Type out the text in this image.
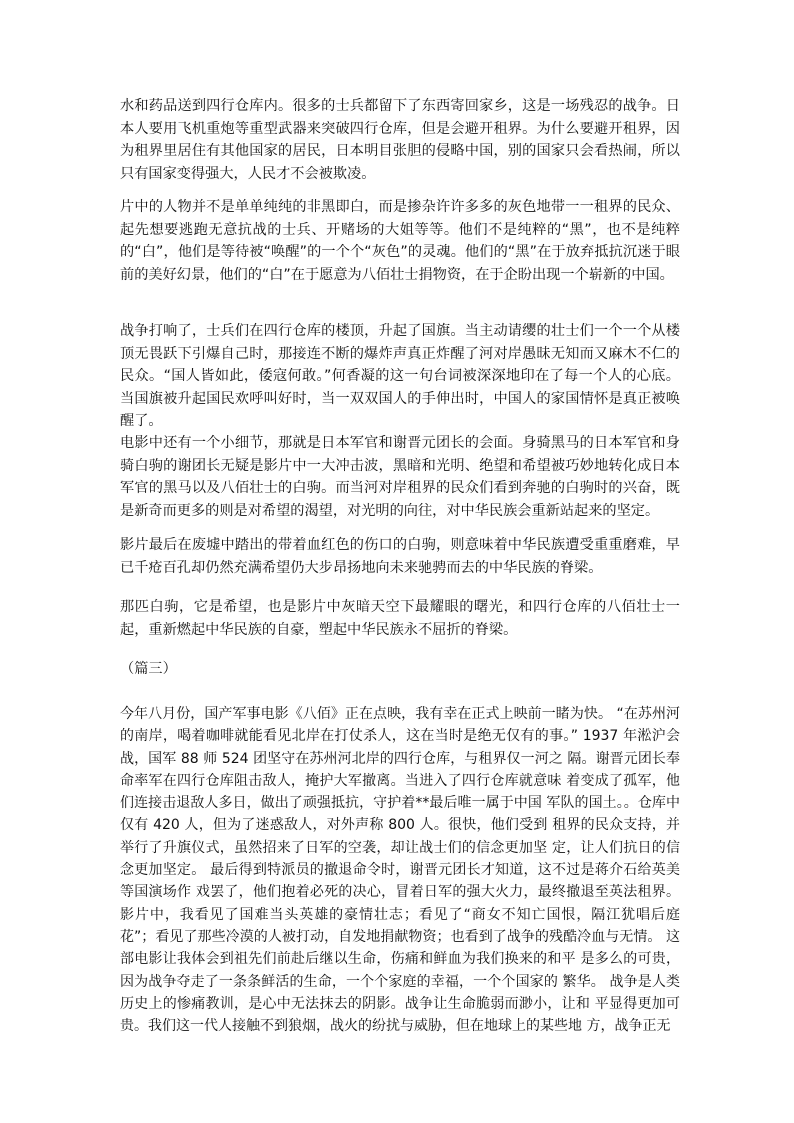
水和药品送到四行仓库内。很多的士兵都留下了东西寄回家乡，这是一场残忍的战争。日本人要用飞机重炮等重型武器来突破四行仓库，但是会避开租界。为什么要避开租界，因为租界里居住有其他国家的居民，日本明目张胆的侵略中国，别的国家只会看热闹，所以只有国家变得强大，人民才不会被欺凌。

片中的人物并不是单单纯纯的非黑即白，而是掺杂许许多多的灰色地带一一租界的民众、起先想要逃跑无意抗战的士兵、开赌场的大姐等等。他们不是纯粹的“黑”，也不是纯粹的“白”，他们是等待被“唤醒”的一个个“灰色”的灵魂。他们的“黑”在于放弃抵抗沉迷于眼前的美好幻景，他们的“白”在于愿意为八佰壮士捐物资，在于企盼出现一个崭新的中国。

战争打响了，士兵们在四行仓库的楼顶，升起了国旗。当主动请缨的壮士们一个一个从楼顶无畏跃下引爆自己时，那接连不断的爆炸声真正炸醒了河对岸愚昧无知而又麻木不仁的民众。“国人皆如此，倭寇何敢。”何香凝的这一句台词被深深地印在了每一个人的心底。当国旗被升起国民欢呼叫好时，当一双双国人的手伸出时，中国人的家国情怀是真正被唤醒了。

电影中还有一个小细节，那就是日本军官和谢晋元团长的会面。身骑黑马的日本军官和身骑白驹的谢团长无疑是影片中一大冲击波，黑暗和光明、绝望和希望被巧妙地转化成日本军官的黑马以及八佰壮士的白驹。而当河对岸租界的民众们看到奔驰的白驹时的兴奋，既是新奇而更多的则是对希望的渴望，对光明的向往，对中华民族会重新站起来的坚定。

影片最后在废墟中踏出的带着血红色的伤口的白驹，则意味着中华民族遭受重重磨难，早已千疮百孔却仍然充满希望仍大步昂扬地向未来驰骋而去的中华民族的脊梁。

那匹白驹，它是希望，也是影片中灰暗天空下最耀眼的曙光，和四行仓库的八佰壮士一起，重新燃起中华民族的自豪，塑起中华民族永不屈折的脊梁。

（篇三）

今年八月份，国产军事电影《八佰》正在点映，我有幸在正式上映前一睹为快。 “在苏州河的南岸，喝着咖啡就能看见北岸在打仗杀人，这在当时是绝无仅有的事。” 1937 年淞沪会战，国军 88 师 524 团坚守在苏州河北岸的四行仓库，与租界仅一河之 隔。谢晋元团长奉命率军在四行仓库阻击敌人，掩护大军撤离。当进入了四行仓库就意味 着变成了孤军，他们连接击退敌人多日，做出了顽强抵抗，守护着**最后唯一属于中国 军队的国土。。仓库中仅有 420 人，但为了迷惑敌人，对外声称 800 人。很快，他们受到 租界的民众支持，并举行了升旗仪式，虽然招来了日军的空袭，却让战士们的信念更加坚 定，让人们抗日的信念更加坚定。 最后得到特派员的撤退命令时，谢晋元团长才知道，这不过是蒋介石给英美等国演场作 戏罢了，他们抱着必死的决心，冒着日军的强大火力，最终撤退至英法租界。影片中，我看见了国难当头英雄的豪情壮志；看见了“商女不知亡国恨，隔江犹唱后庭花”；看见了那些冷漠的人被打动，自发地捐献物资；也看到了战争的残酷冷血与无情。 这部电影让我体会到祖先们前赴后继以生命，伤痛和鲜血为我们换来的和平 是多么的可贵，因为战争夺走了一条条鲜活的生命，一个个家庭的幸福，一个个国家的 繁华。 战争是人类历史上的惨痛教训，是心中无法抹去的阴影。战争让生命脆弱而渺小，让和 平显得更加可贵。我们这一代人接触不到狼烟，战火的纷扰与威胁，但在地球上的某些地 方，战争正无
